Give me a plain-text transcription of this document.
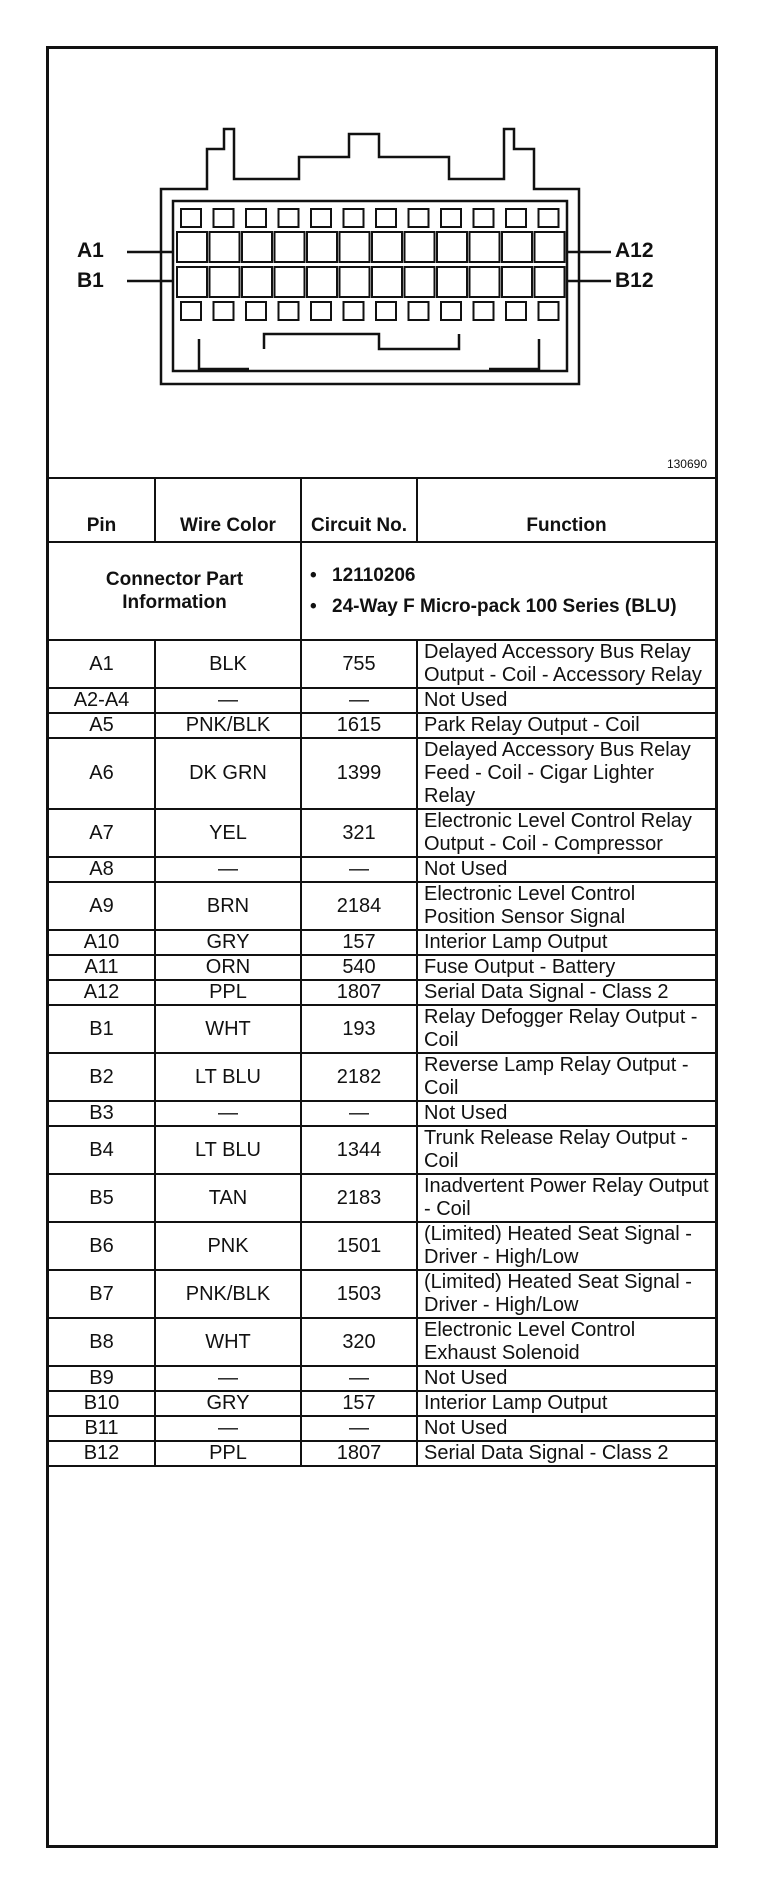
A1
B1
A12
B12
130690
Connector Part Information		• 12110206
• 24-Way F Micro-pack 100 Series (BLU)	

Pin	Wire Color	Circuit No.	Function
A1	BLK	755	Delayed Accessory Bus Relay Output - Coil - Accessory Relay
A2-A4	—	—	Not Used
A5	PNK/BLK	1615	Park Relay Output - Coil
A6	DK GRN	1399	Delayed Accessory Bus Relay Feed - Coil - Cigar Lighter Relay
A7	YEL	321	Electronic Level Control Relay Output - Coil - Compressor
A8	—	—	Not Used
A9	BRN	2184	Electronic Level Control Position Sensor Signal
A10	GRY	157	Interior Lamp Output
A11	ORN	540	Fuse Output - Battery
A12	PPL	1807	Serial Data Signal - Class 2
B1	WHT	193	Relay Defogger Relay Output - Coil
B2	LT BLU	2182	Reverse Lamp Relay Output - Coil
B3	—	—	Not Used
B4	LT BLU	1344	Trunk Release Relay Output - Coil
B5	TAN	2183	Inadvertent Power Relay Output - Coil
B6	PNK	1501	(Limited) Heated Seat Signal - Driver - High/Low
B7	PNK/BLK	1503	(Limited) Heated Seat Signal - Driver - High/Low
B8	WHT	320	Electronic Level Control Exhaust Solenoid
B9	—	—	Not Used
B10	GRY	157	Interior Lamp Output
B11	—	—	Not Used
B12	PPL	1807	Serial Data Signal - Class 2
